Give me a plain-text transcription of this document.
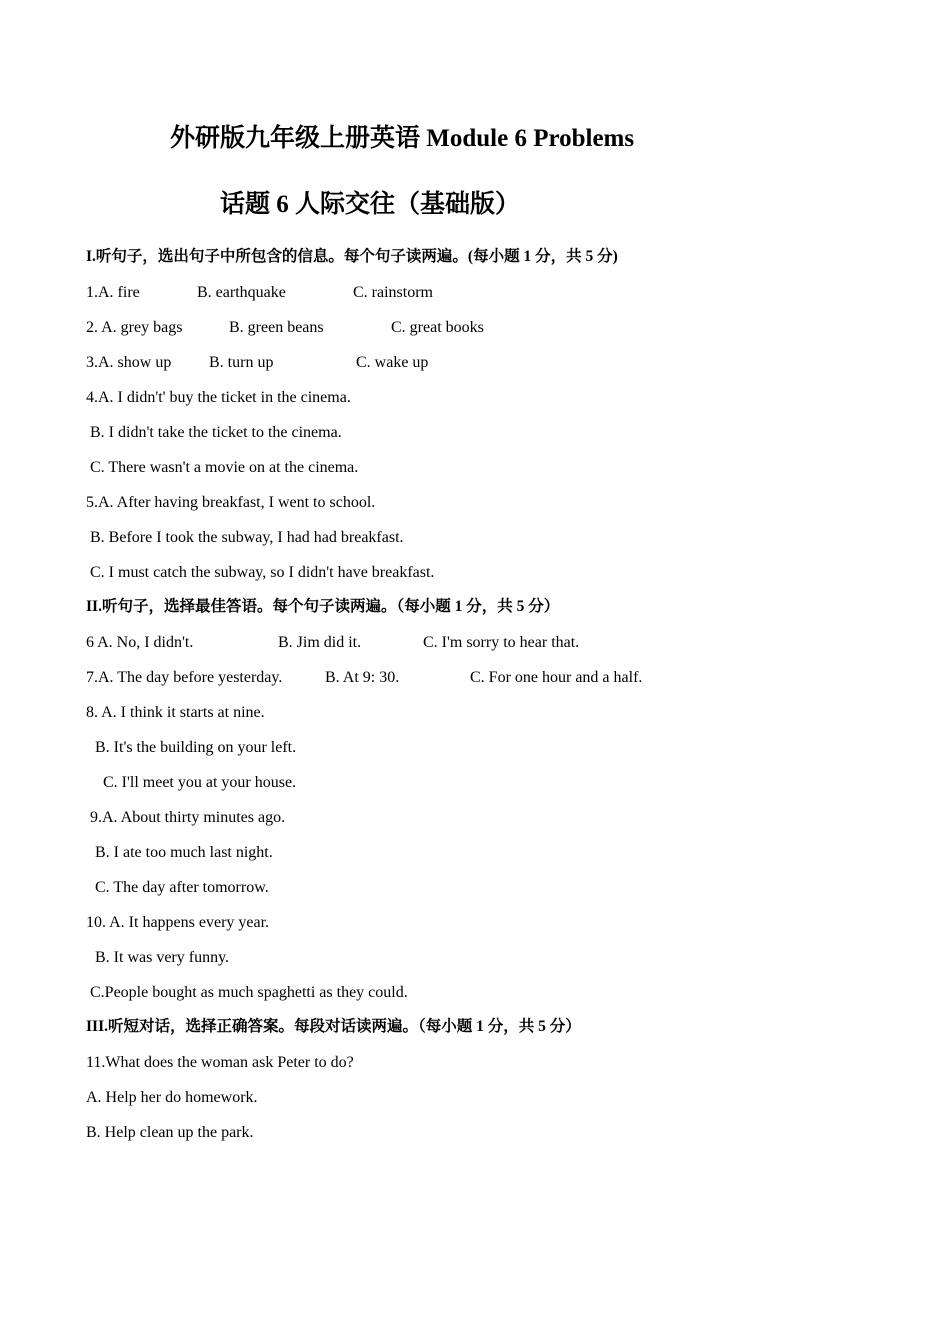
外研版九年级上册英语 Module 6 Problems
话题 6 人际交往（基础版）
I.听句子，选出句子中所包含的信息。每个句子读两遍。(每小题 1 分，共 5 分)
1.A. fire	B. earthquake	C. rainstorm
2. A. grey bags	B. green beans	C. great books
3.A. show up B. turn up	C. wake up
4.A. I didn't' buy the ticket in the cinema.
B. I didn't take the ticket to the cinema.
C. There wasn't a movie on at the cinema.
5.A. After having breakfast, I went to school.
B. Before I took the subway, I had had breakfast.
C. I must catch the subway, so I didn't have breakfast.
II.听句子，选择最佳答语。每个句子读两遍。（每小题 1 分，共 5 分）
6 A. No, I didn't.	B. Jim did it.	C. I'm sorry to hear that.
7.A. The day before yesterday.	B. At 9: 30.	C. For one hour and a half.
8. A. I think it starts at nine.
B. It's the building on your left.
C. I'll meet you at your house.
9.A. About thirty minutes ago.
B. I ate too much last night.
C. The day after tomorrow.
10. A. It happens every year.
B. It was very funny.
C.People bought as much spaghetti as they could.
III.听短对话，选择正确答案。每段对话读两遍。（每小题 1 分，共 5 分）
11.What does the woman ask Peter to do?
A. Help her do homework.
B. Help clean up the park.
